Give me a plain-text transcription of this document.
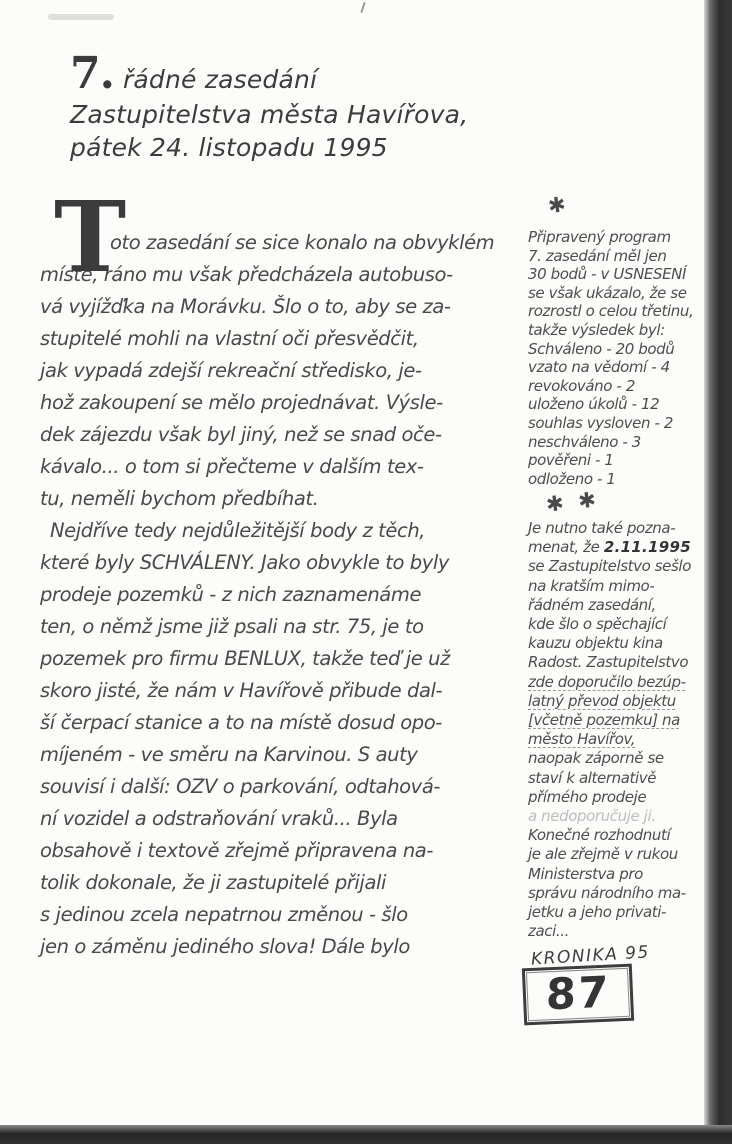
7. řádné zasedání
Zastupitelstva města Havířova,
pátek 24. listopadu 1995
T
oto zasedání se sice konalo na obvyklém
místě, ráno mu však předcházela autobuso-
vá vyjížďka na Morávku. Šlo o to, aby se za-
stupitelé mohli na vlastní oči přesvědčit,
jak vypadá zdejší rekreační středisko, je-
hož zakoupení se mělo projednávat. Výsle-
dek zájezdu však byl jiný, než se snad oče-
kávalo... o tom si přečteme v dalším tex-
tu, neměli bychom předbíhat.
Nejdříve tedy nejdůležitější body z těch,
které byly SCHVÁLENY. Jako obvykle to byly
prodeje pozemků - z nich zaznamenáme
ten, o němž jsme již psali na str. 75, je to
pozemek pro firmu BENLUX, takže teď je už
skoro jisté, že nám v Havířově přibude dal-
ší čerpací stanice a to na místě dosud opo-
míjeném - ve směru na Karvinou. S auty
souvisí i další: OZV o parkování, odtahová-
ní vozidel a odstraňování vraků... Byla
obsahově i textově zřejmě připravena na-
tolik dokonale, že ji zastupitelé přijali
s jedinou zcela nepatrnou změnou - šlo
jen o záměnu jediného slova! Dále bylo
✱
Připravený program
7. zasedání měl jen
30 bodů - v USNESENÍ
se však ukázalo, že se
rozrostl o celou třetinu,
takže výsledek byl:
Schváleno - 20 bodů
vzato na vědomí - 4
revokováno - 2
uloženo úkolů - 12
souhlas vysloven - 2
neschváleno - 3
pověřeni - 1
odloženo - 1
✱ ✱
Je nutno také pozna-
menat, že 2.11.1995
se Zastupitelstvo sešlo
na kratším mimo-
řádném zasedání,
kde šlo o spěchající
kauzu objektu kina
Radost. Zastupitelstvo
zde doporučilo bezúp-
latný převod objektu
[včetně pozemku] na
město Havířov,
naopak záporně se
staví k alternativě
přímého prodeje
a nedoporučuje ji.
Konečné rozhodnutí
je ale zřejmě v rukou
Ministerstva pro
správu národního ma-
jetku a jeho privati-
zaci...
KRONIKA 95
87
